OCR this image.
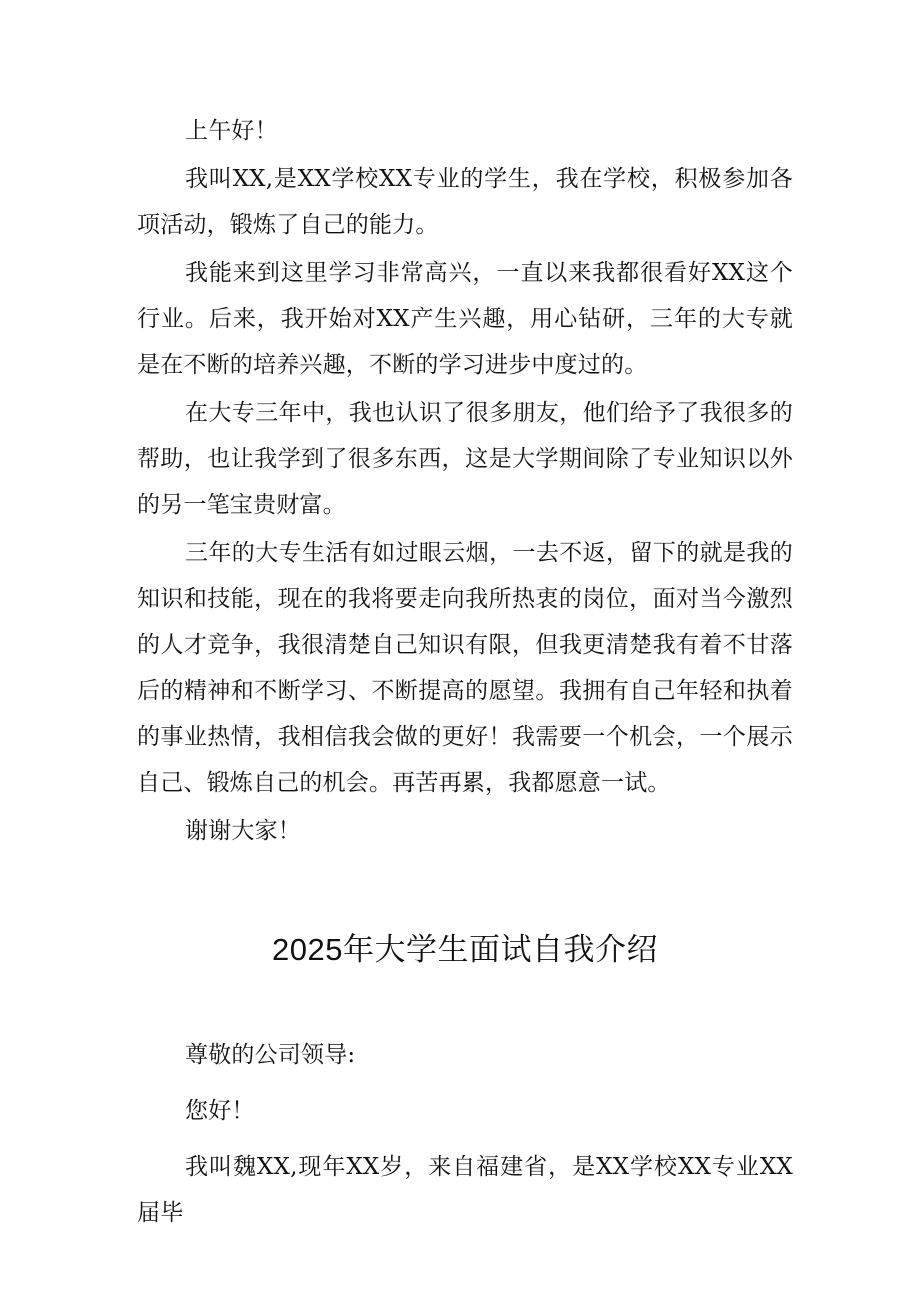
上午好！

我叫XX,是XX学校XX专业的学生，我在学校，积极参加各项活动，锻炼了自己的能力。

我能来到这里学习非常高兴，一直以来我都很看好XX这个行业。后来，我开始对XX产生兴趣，用心钻研，三年的大专就是在不断的培养兴趣，不断的学习进步中度过的。

在大专三年中，我也认识了很多朋友，他们给予了我很多的帮助，也让我学到了很多东西，这是大学期间除了专业知识以外的另一笔宝贵财富。

三年的大专生活有如过眼云烟，一去不返，留下的就是我的知识和技能，现在的我将要走向我所热衷的岗位，面对当今激烈的人才竞争，我很清楚自己知识有限，但我更清楚我有着不甘落后的精神和不断学习、不断提高的愿望。我拥有自己年轻和执着的事业热情，我相信我会做的更好！我需要一个机会，一个展示自己、锻炼自己的机会。再苦再累，我都愿意一试。

谢谢大家！

2025年大学生面试自我介绍

尊敬的公司领导:

您好！

我叫魏XX,现年XX岁，来自福建省，是XX学校XX专业XX届毕
